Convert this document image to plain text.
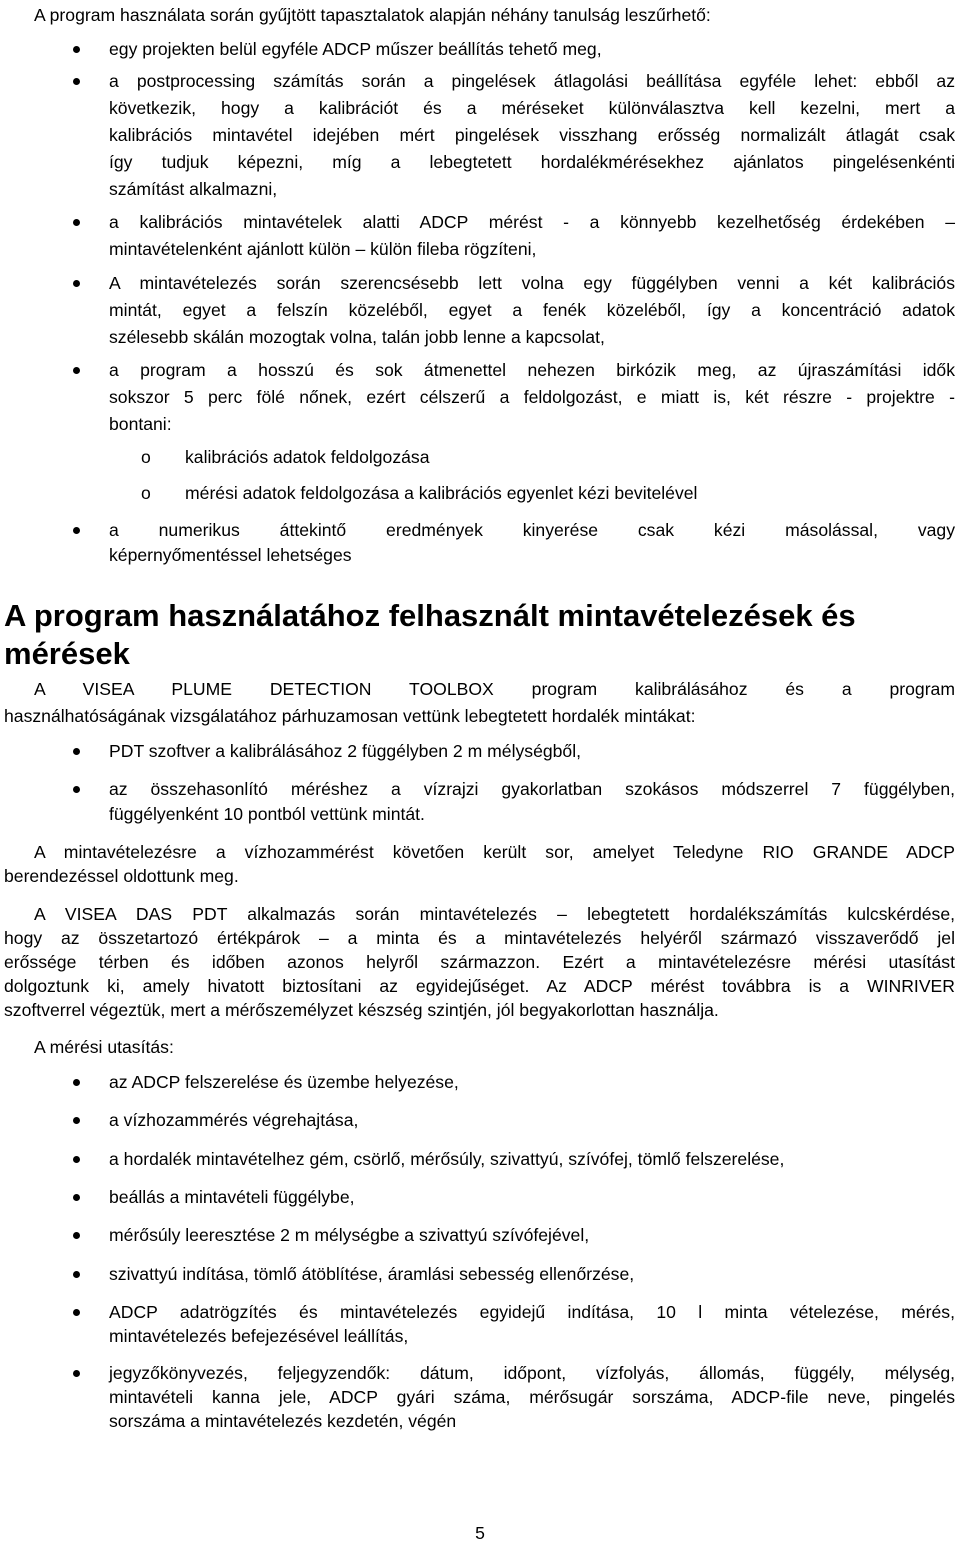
A program használata során gyűjtött tapasztalatok alapján néhány tanulság leszűrhető:

egy projekten belül egyféle ADCP műszer beállítás tehető meg,

a postprocessing számítás során a pingelések átlagolási beállítása egyféle lehet: ebből az

következik, hogy a kalibrációt és a méréseket különválasztva kell kezelni, mert a

kalibrációs mintavétel idejében mért pingelések visszhang erősség normalizált átlagát csak

így tudjuk képezni, míg a lebegtetett hordalékmérésekhez ajánlatos pingelésenkénti

számítást alkalmazni,

a kalibrációs mintavételek alatti ADCP mérést - a könnyebb kezelhetőség érdekében –

mintavételenként ajánlott külön – külön fileba rögzíteni,

A mintavételezés során szerencsésebb lett volna egy függélyben venni a két kalibrációs

mintát, egyet a felszín közeléből, egyet a fenék közeléből, így a koncentráció adatok

szélesebb skálán mozogtak volna, talán jobb lenne a kapcsolat,

a program a hosszú és sok átmenettel nehezen birkózik meg, az újraszámítási idők

sokszor 5 perc fölé nőnek, ezért célszerű a feldolgozást, e miatt is, két részre - projektre -

bontani:

o kalibrációs adatok feldolgozása

o mérési adatok feldolgozása a kalibrációs egyenlet kézi bevitelével

a numerikus áttekintő eredmények kinyerése csak kézi másolással, vagy

képernyőmentéssel lehetséges

A program használatához felhasznált mintavételezések és
mérések

A VISEA PLUME DETECTION TOOLBOX program kalibrálásához és a program

használhatóságának vizsgálatához párhuzamosan vettünk lebegtetett hordalék mintákat:

PDT szoftver a kalibrálásához 2 függélyben 2 m mélységből,

az összehasonlító méréshez a vízrajzi gyakorlatban szokásos módszerrel 7 függélyben,

függélyenként 10 pontból vettünk mintát.

A mintavételezésre a vízhozammérést követően került sor, amelyet Teledyne RIO GRANDE ADCP

berendezéssel oldottunk meg.

A VISEA DAS PDT alkalmazás során mintavételezés – lebegtetett hordalékszámítás kulcskérdése,

hogy az összetartozó értékpárok – a minta és a mintavételezés helyéről származó visszaverődő jel

erőssége térben és időben azonos helyről származzon. Ezért a mintavételezésre mérési utasítást

dolgoztunk ki, amely hivatott biztosítani az egyidejűséget. Az ADCP mérést továbbra is a WINRIVER

szoftverrel végeztük, mert a mérőszemélyzet készség szintjén, jól begyakorlottan használja.

A mérési utasítás:

az ADCP felszerelése és üzembe helyezése,

a vízhozammérés végrehajtása,

a hordalék mintavételhez gém, csörlő, mérősúly, szivattyú, szívófej, tömlő felszerelése,

beállás a mintavételi függélybe,

mérősúly leeresztése 2 m mélységbe a szivattyú szívófejével,

szivattyú indítása, tömlő átöblítése, áramlási sebesség ellenőrzése,

ADCP adatrögzítés és mintavételezés egyidejű indítása, 10 l minta vételezése, mérés,

mintavételezés befejezésével leállítás,

jegyzőkönyvezés, feljegyzendők: dátum, időpont, vízfolyás, állomás, függély, mélység,

mintavételi kanna jele, ADCP gyári száma, mérősugár sorszáma, ADCP-file neve, pingelés

sorszáma a mintavételezés kezdetén, végén

5
